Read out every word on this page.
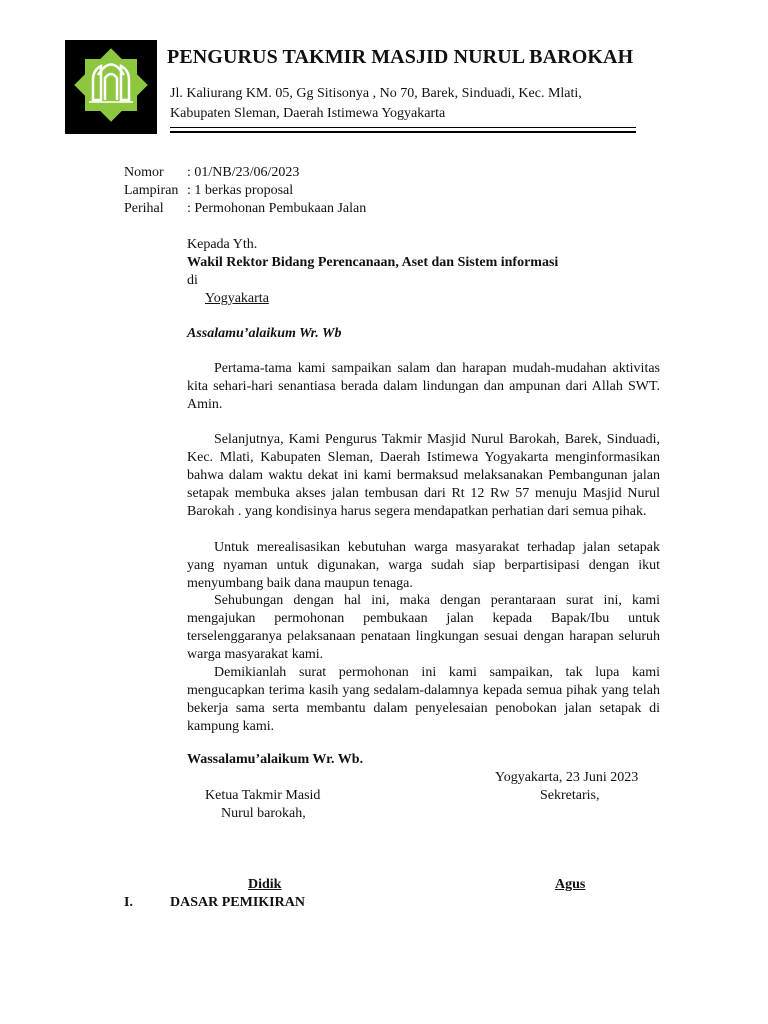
PENGURUS TAKMIR MASJID NURUL BAROKAH
Jl. Kaliurang KM. 05, Gg Sitisonya , No 70, Barek, Sinduadi, Kec. Mlati, Kabupaten Sleman, Daerah Istimewa Yogyakarta
Nomor : 01/NB/23/06/2023
Lampiran : 1 berkas proposal
Perihal : Permohonan Pembukaan Jalan
Kepada Yth.
Wakil Rektor Bidang Perencanaan, Aset dan Sistem informasi
di
Yogyakarta
Assalamu’alaikum Wr. Wb
Pertama-tama kami sampaikan salam dan harapan mudah-mudahan aktivitas kita sehari-hari senantiasa berada dalam lindungan dan ampunan dari Allah SWT. Amin.
Selanjutnya, Kami Pengurus Takmir Masjid Nurul Barokah, Barek, Sinduadi, Kec. Mlati, Kabupaten Sleman, Daerah Istimewa Yogyakarta menginformasikan bahwa dalam waktu dekat ini kami bermaksud melaksanakan Pembangunan jalan setapak membuka akses jalan tembusan dari Rt 12 Rw 57 menuju Masjid Nurul Barokah . yang kondisinya harus segera mendapatkan perhatian dari semua pihak.
Untuk merealisasikan kebutuhan warga masyarakat terhadap jalan setapak yang nyaman untuk digunakan, warga sudah siap berpartisipasi dengan ikut menyumbang baik dana maupun tenaga.
Sehubungan dengan hal ini, maka dengan perantaraan surat ini, kami mengajukan permohonan pembukaan jalan kepada Bapak/Ibu untuk terselenggaranya pelaksanaan penataan lingkungan sesuai dengan harapan seluruh warga masyarakat kami.
Demikianlah surat permohonan ini kami sampaikan, tak lupa kami mengucapkan terima kasih yang sedalam-dalamnya kepada semua pihak yang telah bekerja sama serta membantu dalam penyelesaian penobokan jalan setapak di kampung kami.
Wassalamu’alaikum Wr. Wb.
Yogyakarta, 23 Juni 2023
Ketua Takmir Masid	Sekretaris,
Nurul barokah,
Didik	Agus
I.	DASAR PEMIKIRAN
